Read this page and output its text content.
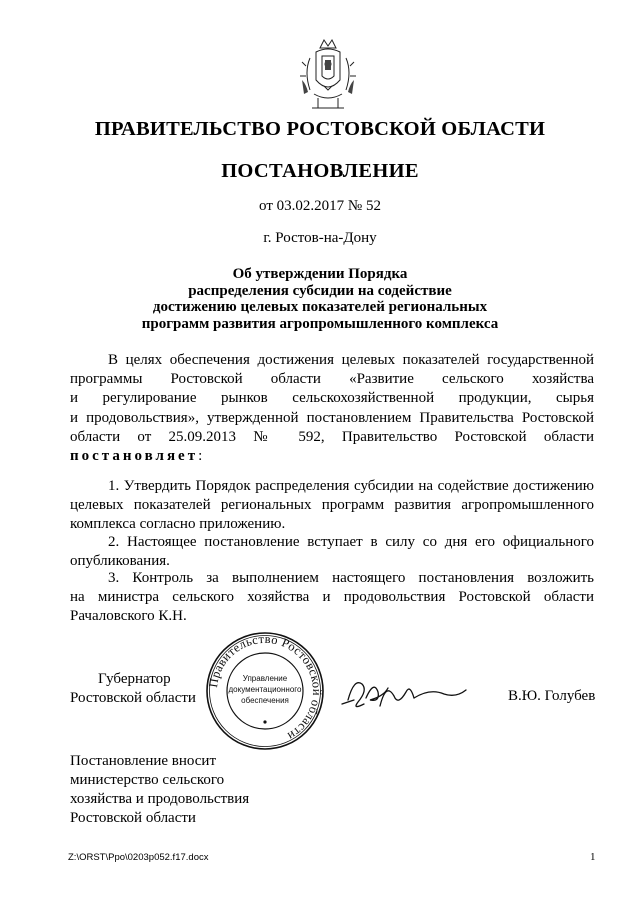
ПРАВИТЕЛЬСТВО РОСТОВСКОЙ ОБЛАСТИ
ПОСТАНОВЛЕНИЕ
от 03.02.2017 № 52
г. Ростов-на-Дону
Об утверждении Порядка
распределения субсидии на содействие
достижению целевых показателей региональных
программ развития агропромышленного комплекса
В целях обеспечения достижения целевых показателей государственной
программы Ростовской области «Развитие сельского хозяйства
и регулирование рынков сельскохозяйственной продукции, сырья
и продовольствия», утвержденной постановлением Правительства Ростовской
области от 25.09.2013 № 592, Правительство Ростовской области
постановляет:
1. Утвердить Порядок распределения субсидии на содействие достижению
целевых показателей региональных программ развития агропромышленного
комплекса согласно приложению.
2. Настоящее постановление вступает в силу со дня его официального
опубликования.
3. Контроль за выполнением настоящего постановления возложить
на министра сельского хозяйства и продовольствия Ростовской области
Рачаловского К.Н.
Губернатор
Ростовской области
Правительство Ростовской области
Управление
документационного
обеспечения	В.Ю. Голубев
Постановление вносит
министерство сельского
хозяйства и продовольствия
Ростовской области
Z:\ORST\Ppo\0203p052.f17.docx	1
